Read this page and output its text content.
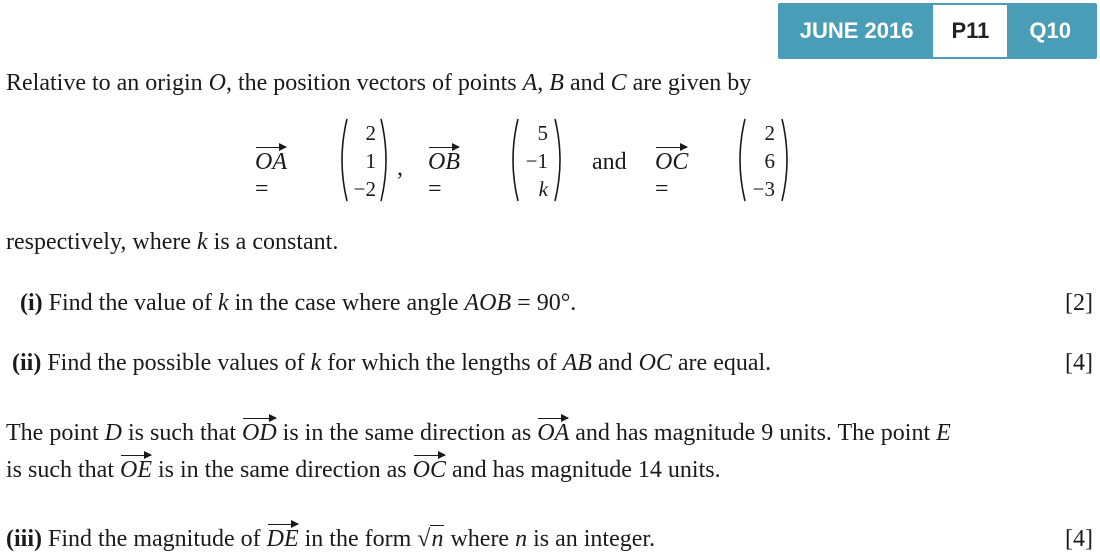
JUNE 2016	P11	Q10
Relative to an origin O, the position vectors of points A, B and C are given by
OA =
2
1
−2
, OB =
5
−1
k
and OC =
2
6
−3
respectively, where k is a constant.
(i) Find the value of k in the case where angle AOB = 90°.	[2]
(ii) Find the possible values of k for which the lengths of AB and OC are equal.	[4]
The point D is such that OD is in the same direction as OA and has magnitude 9 units. The point E
is such that OE is in the same direction as OC and has magnitude 14 units.
(iii) Find the magnitude of DE in the form √n where n is an integer.	[4]
